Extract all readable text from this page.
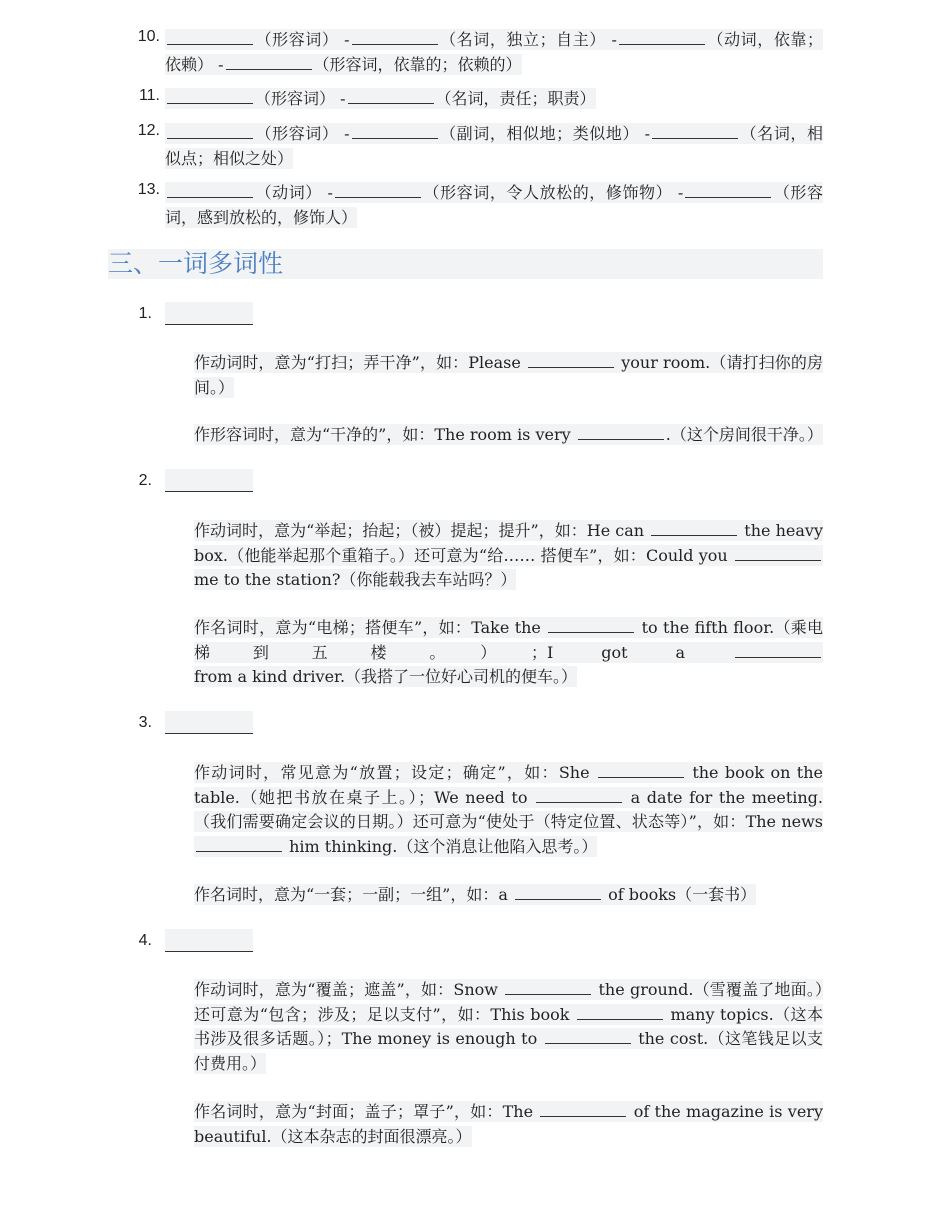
10.	（形容词） -	（名词，独立；自主） -	（动词，依靠；依赖） -	（形容词，依靠的；依赖的）
11.	（形容词） -	（名词，责任；职责）
12.	（形容词） -	（副词，相似地；类似地） -	（名词，相似点；相似之处）
13.	（动词） -	（形容词，令人放松的，修饰物） -	（形容词，感到放松的，修饰人）
三、一词多词性
1.
作动词时，意为“打扫；弄干净”，如：Please	your room.（请打扫你的房间。）
作形容词时，意为“干净的”，如：The room is very	.（这个房间很干净。）
2.
作动词时，意为“举起；抬起；（被）提起；提升”，如：He can	the heavy box.（他能举起那个重箱子。）还可意为“给…… 搭便车”，如：Could you  me to the station?（你能载我去车站吗？）
作名词时，意为“电梯；搭便车”，如：Take the	to the fifth floor.（乘电梯到五楼。）；I got a  from a kind driver.（我搭了一位好心司机的便车。）
3.
作动词时，常见意为“放置；设定；确定”，如：She	the book on the table.（她把书放在桌子上。）；We need to	a date for the meeting.（我们需要确定会议的日期。）还可意为“使处于（特定位置、状态等）”，如：The news  him thinking.（这个消息让他陷入思考。）
作名词时，意为“一套；一副；一组”，如：a	of books（一套书）
4.
作动词时，意为“覆盖；遮盖”，如：Snow	the ground.（雪覆盖了地面。）还可意为“包含；涉及；足以支付”，如：This book	many topics.（这本书涉及很多话题。）；The money is enough to	the cost.（这笔钱足以支付费用。）
作名词时，意为“封面；盖子；罩子”，如：The	of the magazine is very beautiful.（这本杂志的封面很漂亮。）
